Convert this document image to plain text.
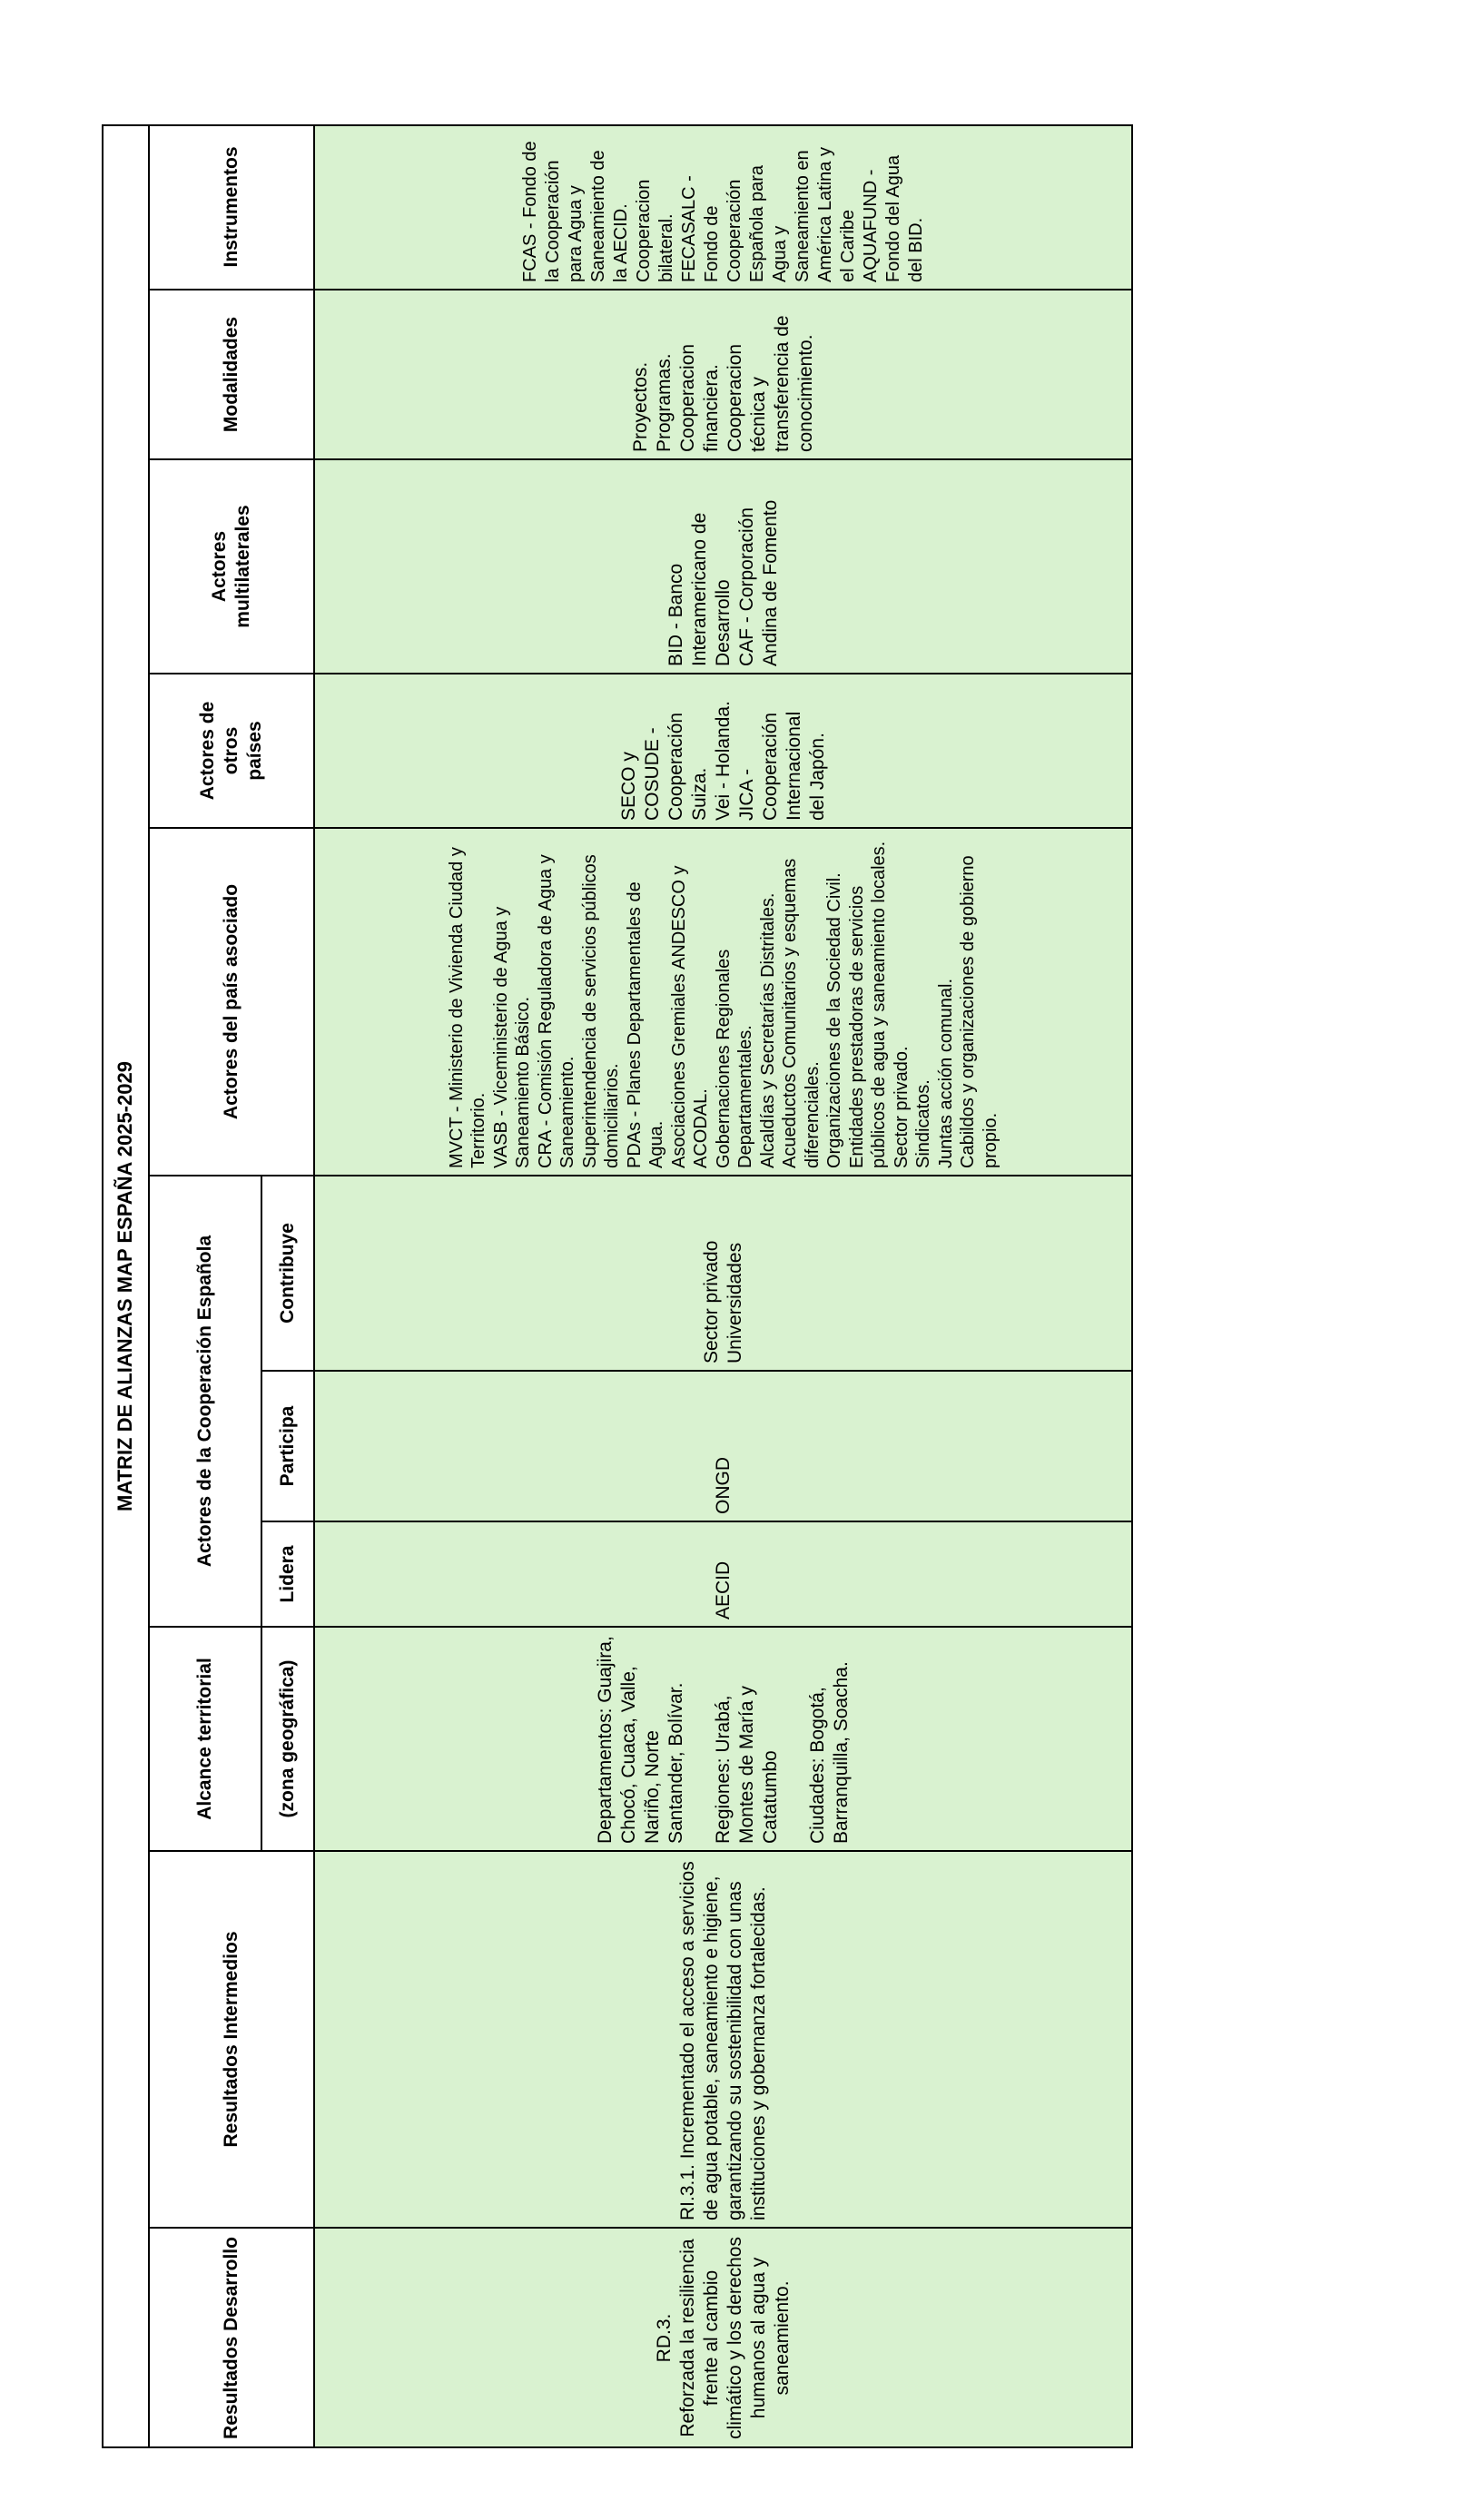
MATRIZ DE ALIANZAS MAP ESPAÑA 2025-2029
Resultados Desarrollo
Resultados Intermedios
Alcance territorial	(zona geográfica)
Actores de la Cooperación Española
Lidera
Participa
Contribuye
Actores del país asociado
Actores de otros países
Actores multilaterales
Modalidades
Instrumentos
RD.3.
Reforzada la resiliencia frente al cambio climático y los derechos humanos al agua y saneamiento.
RI.3.1. Incrementado el acceso a servicios de agua potable, saneamiento e higiene, garantizando su sostenibilidad con unas instituciones y gobernanza fortalecidas.
Departamentos: Guajira, Chocó, Cuaca, Valle, Nariño, Norte Santander, Bolívar.

Regiones: Urabá, Montes de María y Catatumbo

Ciudades: Bogotá, Barranquilla, Soacha.
AECID
ONGD
Sector privado Universidades
MVCT - Ministerio de Vivienda Ciudad y Territorio.
VASB - Viceministerio de Agua y Saneamiento Básico.
CRA - Comisión Reguladora de Agua y Saneamiento.
Superintendencia de servicios públicos domiciliarios.
PDAs - Planes Departamentales de Agua.
Asociaciones Gremiales ANDESCO y ACODAL.
Gobernaciones Regionales Departamentales.
Alcaldías y Secretarías Distritales.
Acueductos Comunitarios y esquemas diferenciales.
Organizaciones de la Sociedad Civil.
Entidades prestadoras de servicios públicos de agua y saneamiento locales.
Sector privado.
Sindicatos.
Juntas acción comunal.
Cabildos y organizaciones de gobierno propio.
SECO y COSUDE - Cooperación Suiza.
Vei - Holanda.
JICA - Cooperación Internacional del Japón.
BID - Banco Interamericano de Desarrollo
CAF - Corporación Andina de Fomento
Proyectos.
Programas.
Cooperacion financiera.
Cooperacion técnica y transferencia de conocimiento.
FCAS - Fondo de la Cooperación para Agua y Saneamiento de la AECID.
Cooperacion bilateral.
FECASALC - Fondo de Cooperación Española para Agua y Saneamiento en América Latina y el Caribe
AQUAFUND - Fondo del Agua del BID.
